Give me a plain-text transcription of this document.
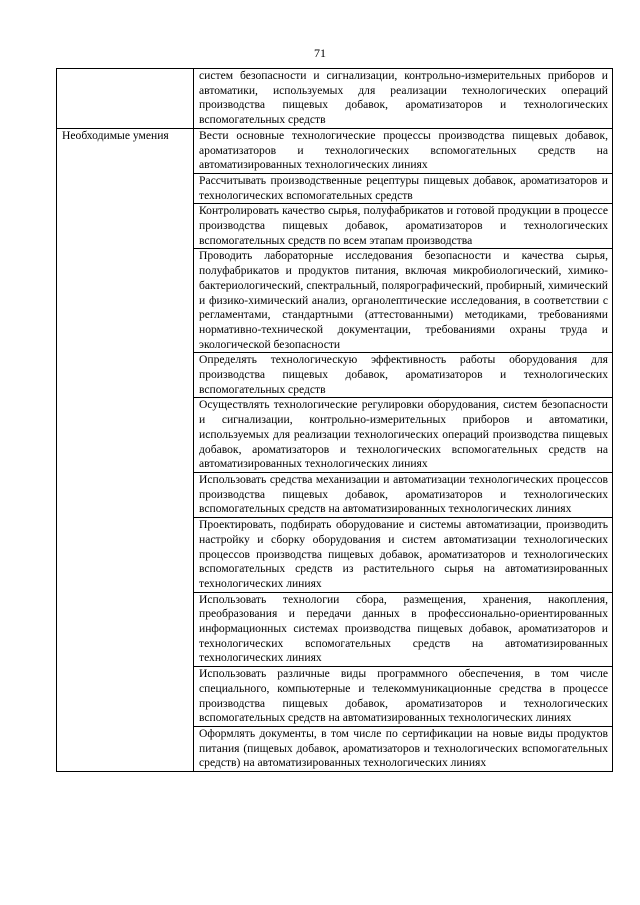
71

	систем безопасности и сигнализации, контрольно-измерительных приборов и автоматики, используемых для реализации технологических операций производства пищевых добавок, ароматизаторов и технологических вспомогательных средств

Необходимые умения	Вести основные технологические процессы производства пищевых добавок, ароматизаторов и технологических вспомогательных средств на автоматизированных технологических линиях

	Рассчитывать производственные рецептуры пищевых добавок, ароматизаторов и технологических вспомогательных средств

	Контролировать качество сырья, полуфабрикатов и готовой продукции в процессе производства пищевых добавок, ароматизаторов и технологических вспомогательных средств по всем этапам производства

	Проводить лабораторные исследования безопасности и качества сырья, полуфабрикатов и продуктов питания, включая микробиологический, химико-бактериологический, спектральный, полярографический, пробирный, химический и физико-химический анализ, органолептические исследования, в соответствии с регламентами, стандартными (аттестованными) методиками, требованиями нормативно-технической документации, требованиями охраны труда и экологической безопасности

	Определять технологическую эффективность работы оборудования для производства пищевых добавок, ароматизаторов и технологических вспомогательных средств

	Осуществлять технологические регулировки оборудования, систем безопасности и сигнализации, контрольно-измерительных приборов и автоматики, используемых для реализации технологических операций производства пищевых добавок, ароматизаторов и технологических вспомогательных средств на автоматизированных технологических линиях

	Использовать средства механизации и автоматизации технологических процессов производства пищевых добавок, ароматизаторов и технологических вспомогательных средств на автоматизированных технологических линиях

	Проектировать, подбирать оборудование и системы автоматизации, производить настройку и сборку оборудования и систем автоматизации технологических процессов производства пищевых добавок, ароматизаторов и технологических вспомогательных средств из растительного сырья на автоматизированных технологических линиях

	Использовать технологии сбора, размещения, хранения, накопления, преобразования и передачи данных в профессионально-ориентированных информационных системах производства пищевых добавок, ароматизаторов и технологических вспомогательных средств на автоматизированных технологических линиях

	Использовать различные виды программного обеспечения, в том числе специального, компьютерные и телекоммуникационные средства в процессе производства пищевых добавок, ароматизаторов и технологических вспомогательных средств на автоматизированных технологических линиях

	Оформлять документы, в том числе по сертификации на новые виды продуктов питания (пищевых добавок, ароматизаторов и технологических вспомогательных средств) на автоматизированных технологических линиях
